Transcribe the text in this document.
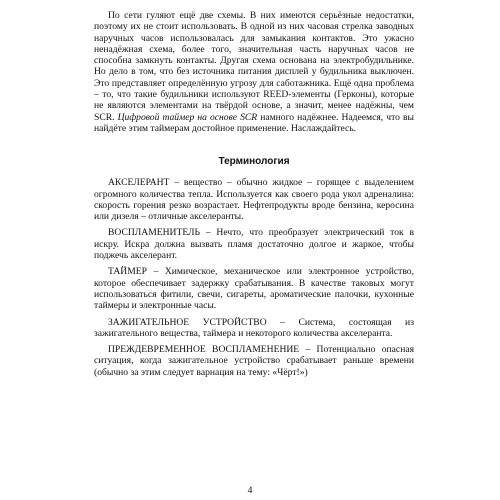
По сети гуляют ещё две схемы. В них имеются серьёзные недостатки, поэтому их не стоит использовать. В одной из них часовая стрелка заводных наручных часов использовалась для замыкания контактов. Это ужасно ненадёжная схема, более того, значительная часть наручных часов не способна замкнуть контакты. Другая схема основана на электробудильнике. Но дело в том, что без источника питания дисплей у будильника выключен. Это представляет определённую угрозу для саботажника. Ещё одна проблема – то, что такие будильники используют REED-элементы (Герконы), которые не являются элементами на твёрдой основе, а значит, менее надёжны, чем SCR. Цифровой таймер на основе SCR намного надёжнее. Надеемся, что вы найдёте этим таймерам достойное применение. Наслаждайтесь.

Терминология

АКСЕЛЕРАНТ – вещество – обычно жидкое – горящее с выделением огромного количества тепла. Используется как своего рода укол адреналина: скорость горения резко возрастает. Нефтепродукты вроде бензина, керосина или дизеля – отличные акселеранты.

ВОСПЛАМЕНИТЕЛЬ – Нечто, что преобразует электрический ток в искру. Искра должна вызвать пламя достаточно долгое и жаркое, чтобы поджечь акселерант.

ТАЙМЕР – Химическое, механическое или электронное устройство, которое обеспечивает задержку срабатывания. В качестве таковых могут использоваться фитили, свечи, сигареты, ароматические палочки, кухонные таймеры и электронные часы.

ЗАЖИГАТЕЛЬНОЕ УСТРОЙСТВО – Система, состоящая из зажигательного вещества, таймера и некоторого количества акселеранта.

ПРЕЖДЕВРЕМЕННОЕ ВОСПЛАМЕНЕНИЕ – Потенциально опасная ситуация, когда зажигательное устройство срабатывает раньше времени (обычно за этим следует варнация на тему: «Чёрт!»)

4
